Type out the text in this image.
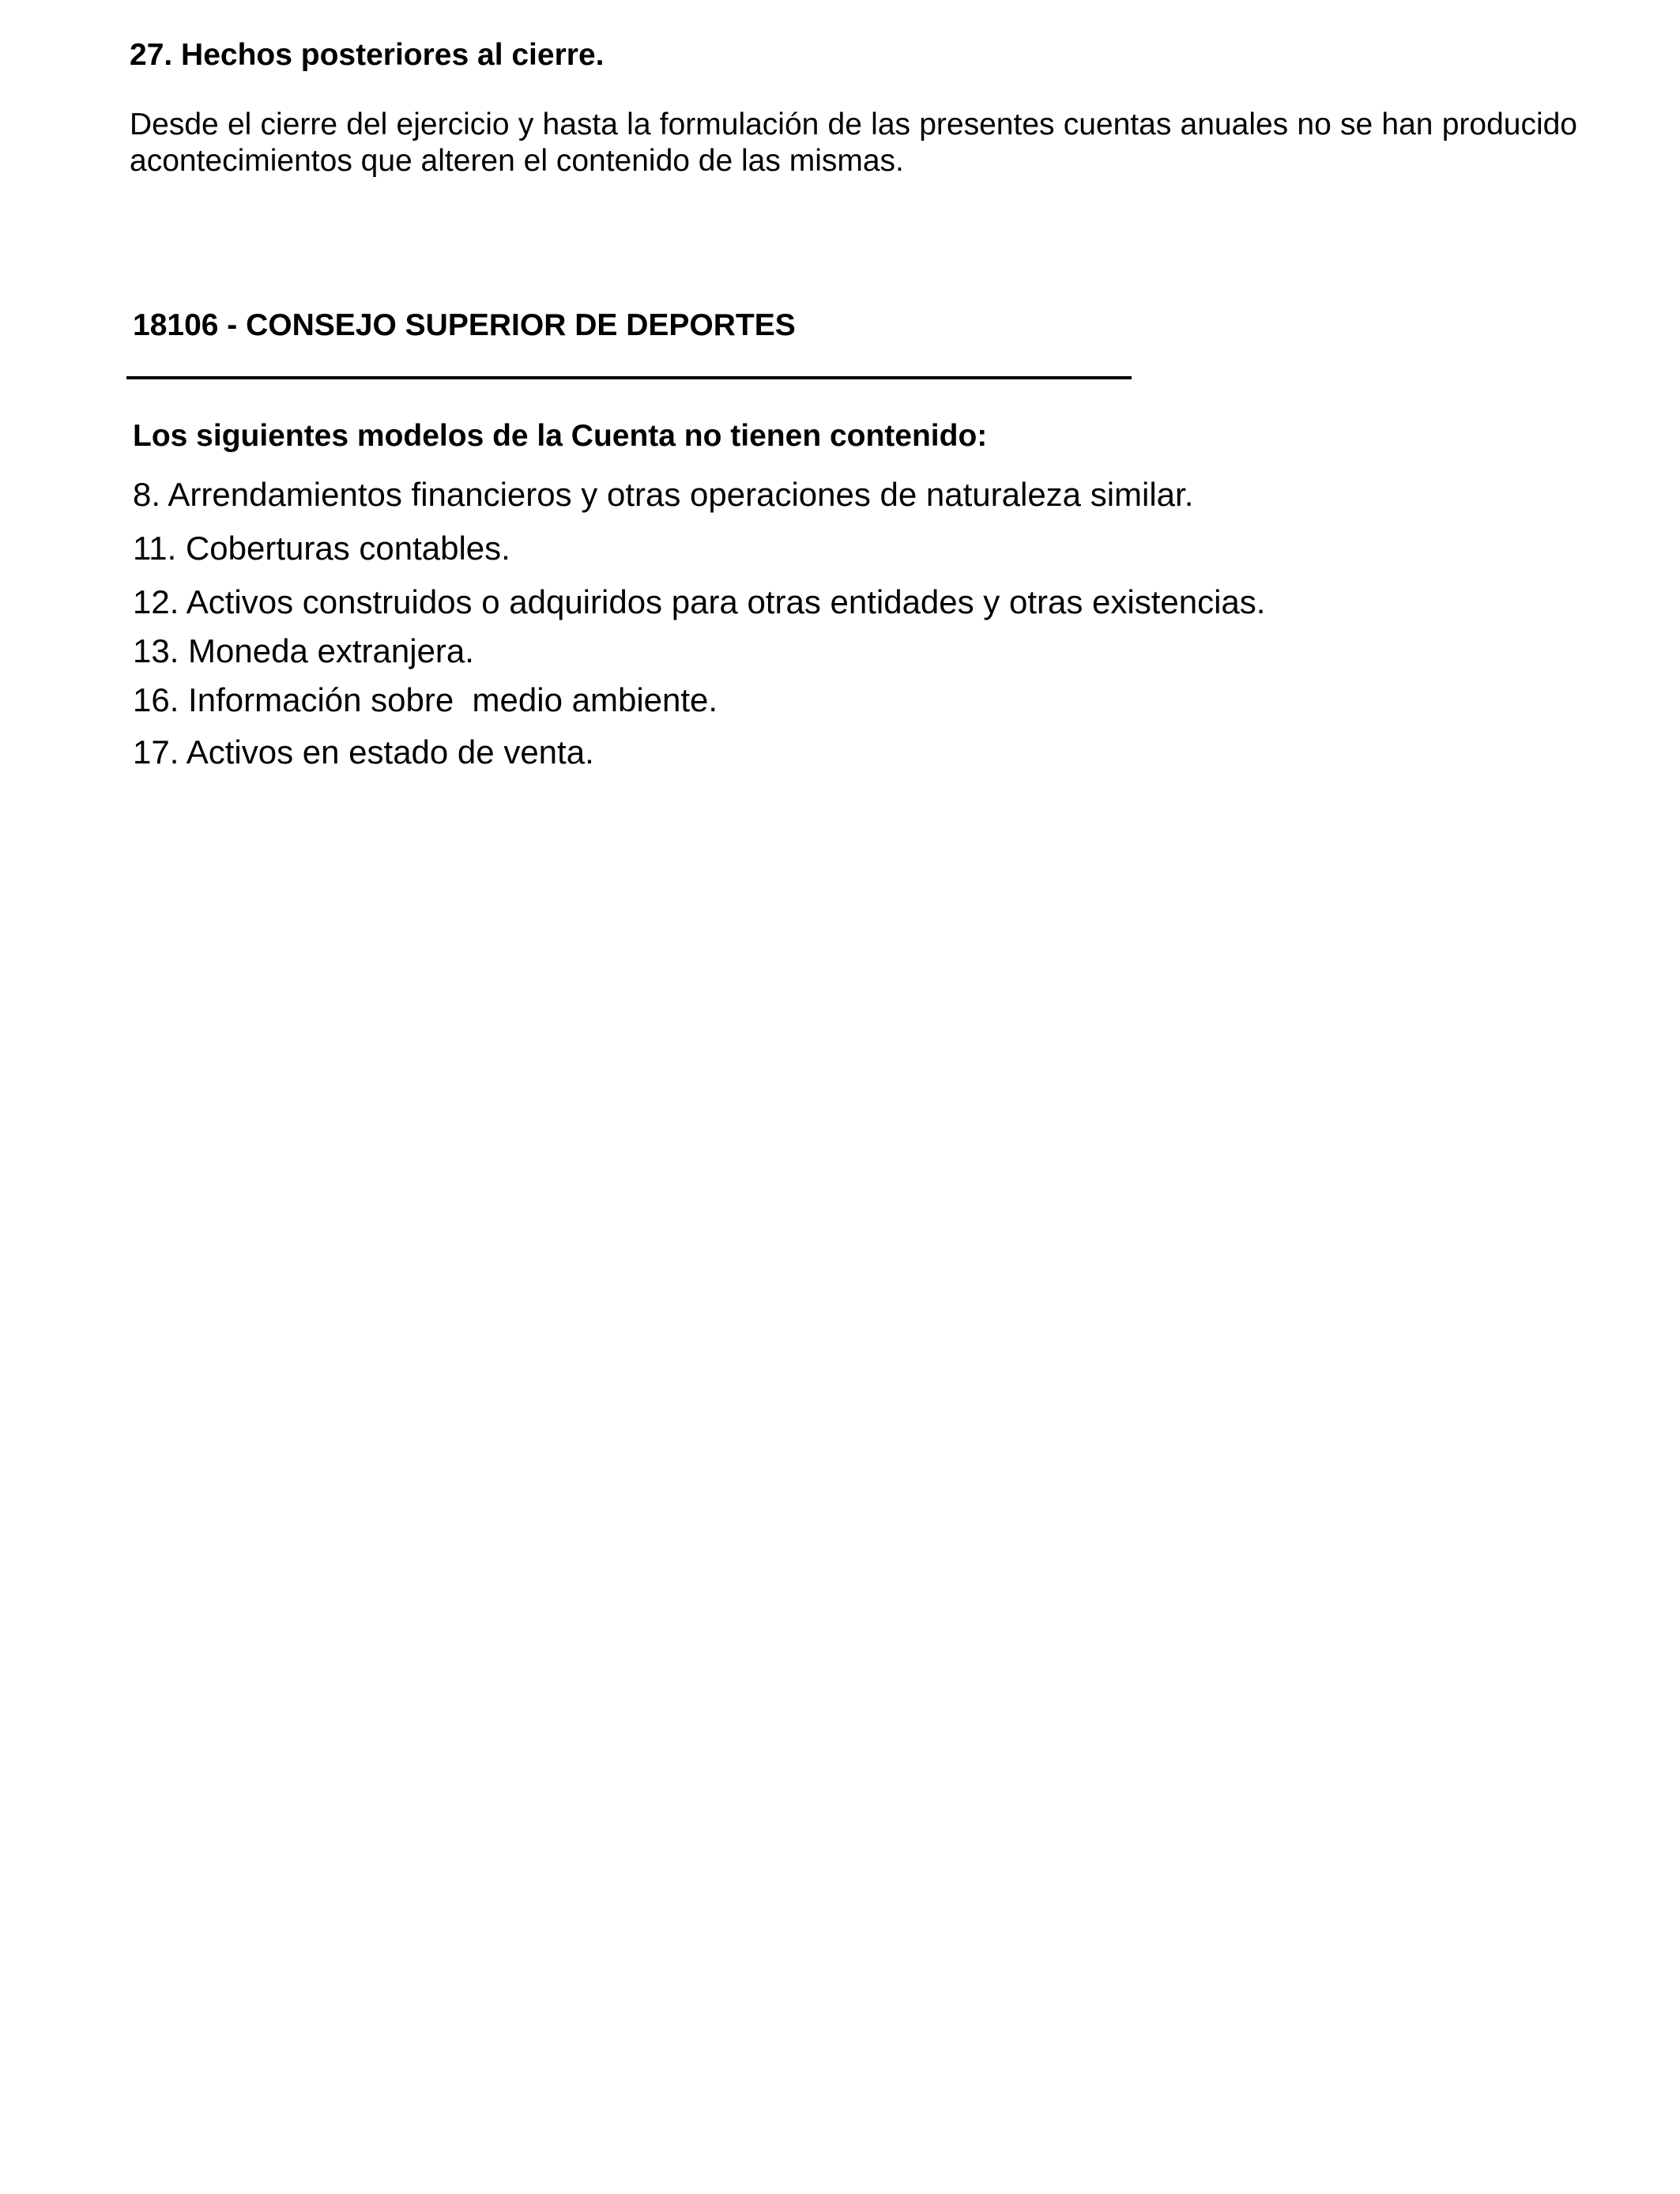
27. Hechos posteriores al cierre.

Desde el cierre del ejercicio y hasta la formulación de las presentes cuentas anuales no se han producido acontecimientos que alteren el contenido de las mismas.

18106 - CONSEJO SUPERIOR DE DEPORTES

Los siguientes modelos de la Cuenta no tienen contenido:

8. Arrendamientos financieros y otras operaciones de naturaleza similar.
11. Coberturas contables.
12. Activos construidos o adquiridos para otras entidades y otras existencias.
13. Moneda extranjera.
16. Información sobre  medio ambiente.
17. Activos en estado de venta.
